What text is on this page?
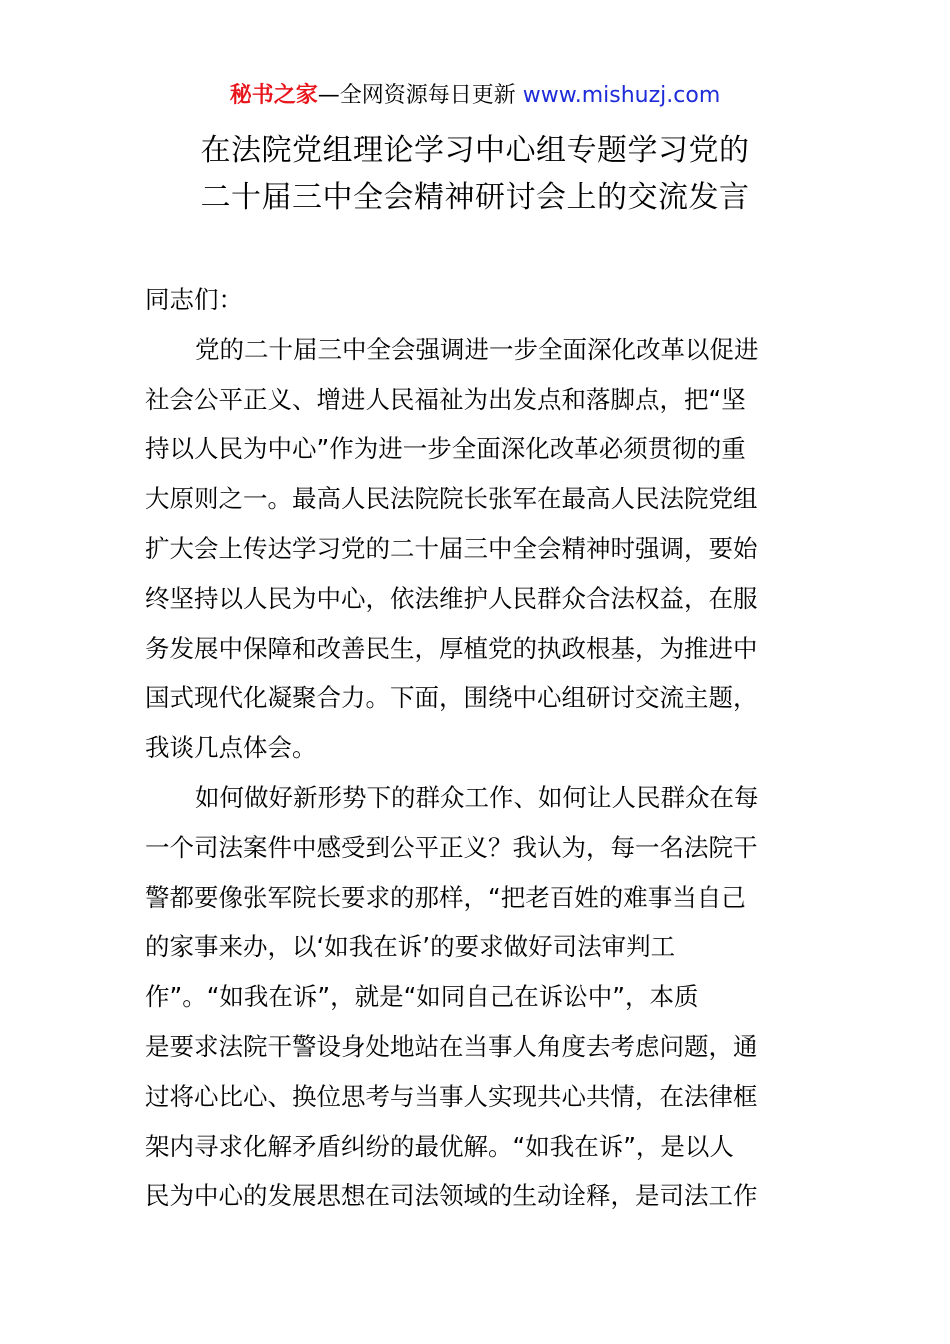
秘书之家—全网资源每日更新 www.mishuzj.com
在法院党组理论学习中心组专题学习党的
二十届三中全会精神研讨会上的交流发言
同志们：
党的二十届三中全会强调进一步全面深化改革以促进
社会公平正义、增进人民福祉为出发点和落脚点，把“坚
持以人民为中心”作为进一步全面深化改革必须贯彻的重
大原则之一。最高人民法院院长张军在最高人民法院党组
扩大会上传达学习党的二十届三中全会精神时强调，要始
终坚持以人民为中心，依法维护人民群众合法权益，在服
务发展中保障和改善民生，厚植党的执政根基，为推进中
国式现代化凝聚合力。下面，围绕中心组研讨交流主题，
我谈几点体会。
如何做好新形势下的群众工作、如何让人民群众在每
一个司法案件中感受到公平正义？我认为，每一名法院干
警都要像张军院长要求的那样，“把老百姓的难事当自己
的家事来办，以‘如我在诉’的要求做好司法审判工
作”。“如我在诉”，就是“如同自己在诉讼中”，本质
是要求法院干警设身处地站在当事人角度去考虑问题，通
过将心比心、换位思考与当事人实现共心共情，在法律框
架内寻求化解矛盾纠纷的最优解。“如我在诉”，是以人
民为中心的发展思想在司法领域的生动诠释，是司法工作
